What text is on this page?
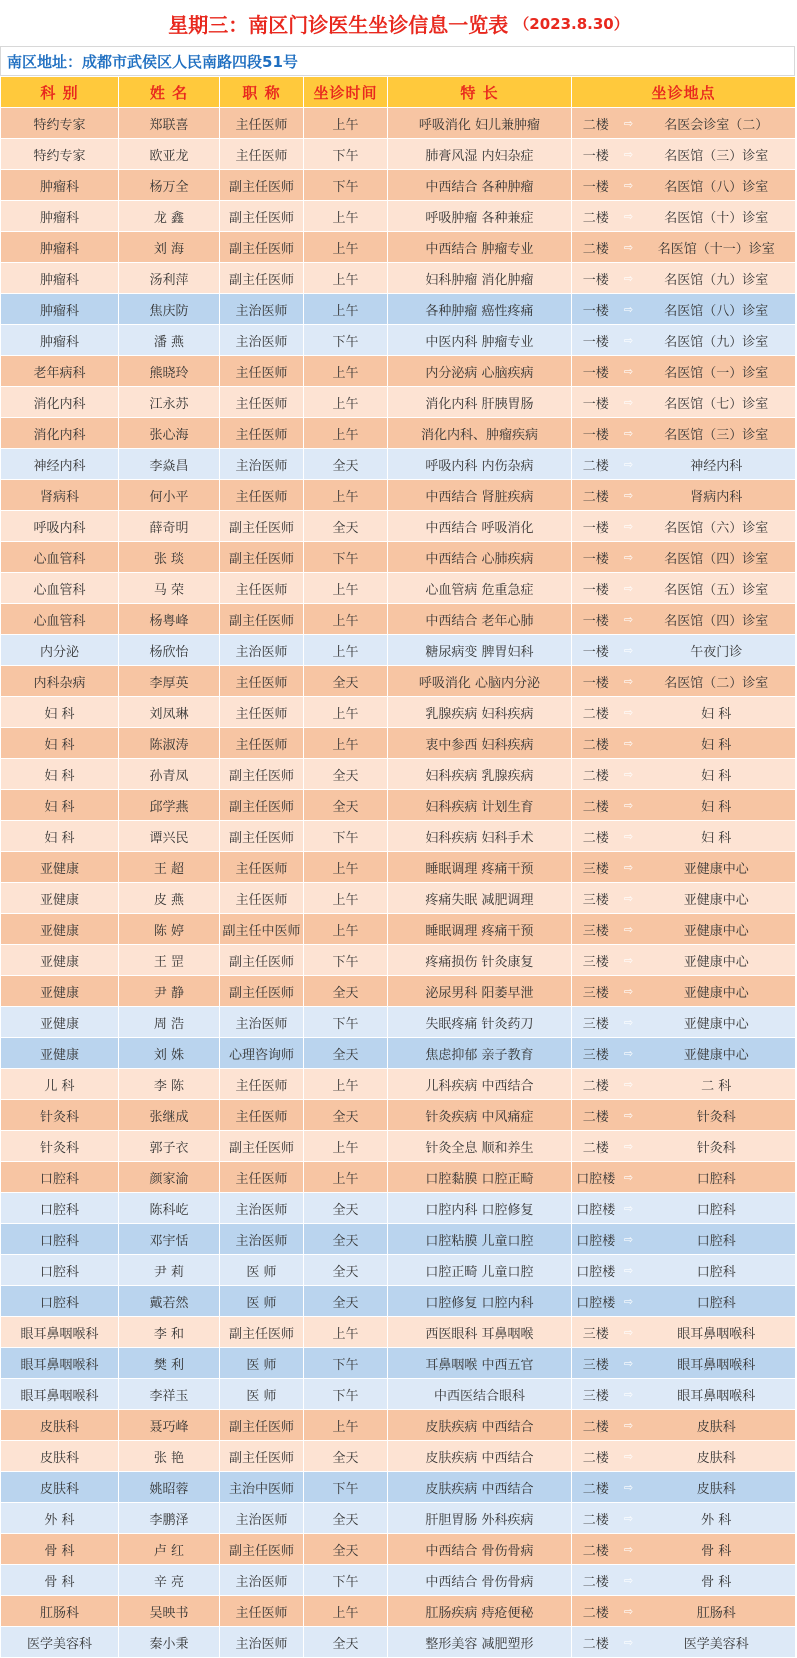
星期三：南区门诊医生坐诊信息一览表 （2023.8.30）
南区地址：成都市武侯区人民南路四段51号
科 别	姓 名	职 称	坐诊时间	特 长	坐诊地点		
特约专家	郑联喜	主任医师	上午	呼吸消化 妇儿兼肿瘤	二楼	⇨	名医会诊室（二）
特约专家	欧亚龙	主任医师	下午	肺膏风湿 内妇杂症	一楼	⇨	名医馆（三）诊室
肿瘤科	杨万全	副主任医师	下午	中西结合 各种肿瘤	一楼	⇨	名医馆（八）诊室
肿瘤科	龙 鑫	副主任医师	上午	呼吸肿瘤 各种兼症	二楼	⇨	名医馆（十）诊室
肿瘤科	刘 海	副主任医师	上午	中西结合 肿瘤专业	二楼	⇨	名医馆（十一）诊室
肿瘤科	汤利萍	副主任医师	上午	妇科肿瘤 消化肿瘤	一楼	⇨	名医馆（九）诊室
肿瘤科	焦庆防	主治医师	上午	各种肿瘤 癌性疼痛	一楼	⇨	名医馆（八）诊室
肿瘤科	潘 燕	主治医师	下午	中医内科 肿瘤专业	一楼	⇨	名医馆（九）诊室
老年病科	熊晓玲	主任医师	上午	内分泌病 心脑疾病	一楼	⇨	名医馆（一）诊室
消化内科	江永苏	主任医师	上午	消化内科 肝胰胃肠	一楼	⇨	名医馆（七）诊室
消化内科	张心海	主任医师	上午	消化内科、肿瘤疾病	一楼	⇨	名医馆（三）诊室
神经内科	李焱昌	主治医师	全天	呼吸内科 内伤杂病	二楼	⇨	神经内科
肾病科	何小平	主任医师	上午	中西结合 肾脏疾病	二楼	⇨	肾病内科
呼吸内科	薛奇明	副主任医师	全天	中西结合 呼吸消化	一楼	⇨	名医馆（六）诊室
心血管科	张 琰	副主任医师	下午	中西结合 心肺疾病	一楼	⇨	名医馆（四）诊室
心血管科	马 荣	主任医师	上午	心血管病 危重急症	一楼	⇨	名医馆（五）诊室
心血管科	杨粤峰	副主任医师	上午	中西结合 老年心肺	一楼	⇨	名医馆（四）诊室
内分泌	杨欣怡	主治医师	上午	糖尿病变 脾胃妇科	一楼	⇨	午夜门诊
内科杂病	李厚英	主任医师	全天	呼吸消化 心脑内分泌	一楼	⇨	名医馆（二）诊室
妇 科	刘凤琳	主任医师	上午	乳腺疾病 妇科疾病	二楼	⇨	妇 科
妇 科	陈淑涛	主任医师	上午	衷中参西 妇科疾病	二楼	⇨	妇 科
妇 科	孙青凤	副主任医师	全天	妇科疾病 乳腺疾病	二楼	⇨	妇 科
妇 科	邱学燕	副主任医师	全天	妇科疾病 计划生育	二楼	⇨	妇 科
妇 科	谭兴民	副主任医师	下午	妇科疾病 妇科手术	二楼	⇨	妇 科
亚健康	王 超	主任医师	上午	睡眠调理 疼痛干预	三楼	⇨	亚健康中心
亚健康	皮 燕	主任医师	上午	疼痛失眠 减肥调理	三楼	⇨	亚健康中心
亚健康	陈 婷	副主任中医师	上午	睡眠调理 疼痛干预	三楼	⇨	亚健康中心
亚健康	王 罡	副主任医师	下午	疼痛损伤 针灸康复	三楼	⇨	亚健康中心
亚健康	尹 静	副主任医师	全天	泌尿男科 阳萎早泄	三楼	⇨	亚健康中心
亚健康	周 浩	主治医师	下午	失眠疼痛 针灸药刀	三楼	⇨	亚健康中心
亚健康	刘 姝	心理咨询师	全天	焦虑抑郁 亲子教育	三楼	⇨	亚健康中心
儿 科	李 陈	主任医师	上午	儿科疾病 中西结合	二楼	⇨	二 科
针灸科	张继成	主任医师	全天	针灸疾病 中风痛症	二楼	⇨	针灸科
针灸科	郭子衣	副主任医师	上午	针灸全息 顺和养生	二楼	⇨	针灸科
口腔科	颜家渝	主任医师	上午	口腔黏膜 口腔正畸	口腔楼	⇨	口腔科
口腔科	陈科屹	主治医师	全天	口腔内科 口腔修复	口腔楼	⇨	口腔科
口腔科	邓宇恬	主治医师	全天	口腔粘膜 儿童口腔	口腔楼	⇨	口腔科
口腔科	尹 莉	医 师	全天	口腔正畸 儿童口腔	口腔楼	⇨	口腔科
口腔科	戴若然	医 师	全天	口腔修复 口腔内科	口腔楼	⇨	口腔科
眼耳鼻咽喉科	李 和	副主任医师	上午	西医眼科 耳鼻咽喉	三楼	⇨	眼耳鼻咽喉科
眼耳鼻咽喉科	樊 利	医 师	下午	耳鼻咽喉 中西五官	三楼	⇨	眼耳鼻咽喉科
眼耳鼻咽喉科	李祥玉	医 师	下午	中西医结合眼科	三楼	⇨	眼耳鼻咽喉科
皮肤科	聂巧峰	副主任医师	上午	皮肤疾病 中西结合	二楼	⇨	皮肤科
皮肤科	张 艳	副主任医师	全天	皮肤疾病 中西结合	二楼	⇨	皮肤科
皮肤科	姚昭蓉	主治中医师	下午	皮肤疾病 中西结合	二楼	⇨	皮肤科
外 科	李鹏泽	主治医师	全天	肝胆胃肠 外科疾病	二楼	⇨	外 科
骨 科	卢 红	副主任医师	全天	中西结合 骨伤骨病	二楼	⇨	骨 科
骨 科	辛 亮	主治医师	下午	中西结合 骨伤骨病	二楼	⇨	骨 科
肛肠科	吴映书	主任医师	上午	肛肠疾病 痔疮便秘	二楼	⇨	肛肠科
医学美容科	秦小秉	主治医师	全天	整形美容 减肥塑形	二楼	⇨	医学美容科
